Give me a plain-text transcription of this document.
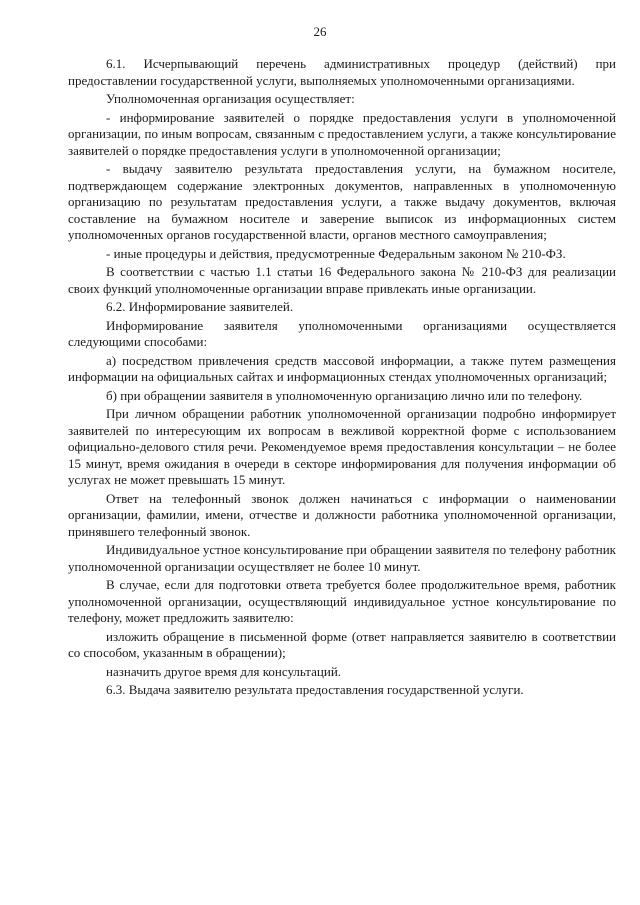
26

6.1. Исчерпывающий перечень административных процедур (действий) при предоставлении государственной услуги, выполняемых уполномоченными организациями.

Уполномоченная организация осуществляет:

- информирование заявителей о порядке предоставления услуги в уполномоченной организации, по иным вопросам, связанным с предоставлением услуги, а также консультирование заявителей о порядке предоставления услуги в уполномоченной организации;

- выдачу заявителю результата предоставления услуги, на бумажном носителе, подтверждающем содержание электронных документов, направленных в уполномоченную организацию по результатам предоставления услуги, а также выдачу документов, включая составление на бумажном носителе и заверение выписок из информационных систем уполномоченных органов государственной власти, органов местного самоуправления;

- иные процедуры и действия, предусмотренные Федеральным законом № 210-ФЗ.

В соответствии с частью 1.1 статьи 16 Федерального закона № 210-ФЗ для реализации своих функций уполномоченные организации вправе привлекать иные организации.

6.2. Информирование заявителей.

Информирование заявителя уполномоченными организациями осуществляется следующими способами:

а) посредством привлечения средств массовой информации, а также путем размещения информации на официальных сайтах и информационных стендах уполномоченных организаций;

б) при обращении заявителя в уполномоченную организацию лично или по телефону.

При личном обращении работник уполномоченной организации подробно информирует заявителей по интересующим их вопросам в вежливой корректной форме с использованием официально-делового стиля речи. Рекомендуемое время предоставления консультации – не более 15 минут, время ожидания в очереди в секторе информирования для получения информации об услугах не может превышать 15 минут.

Ответ на телефонный звонок должен начинаться с информации о наименовании организации, фамилии, имени, отчестве и должности работника уполномоченной организации, принявшего телефонный звонок.

Индивидуальное устное консультирование при обращении заявителя по телефону работник уполномоченной организации осуществляет не более 10 минут.

В случае, если для подготовки ответа требуется более продолжительное время, работник уполномоченной организации, осуществляющий индивидуальное устное консультирование по телефону, может предложить заявителю:

изложить обращение в письменной форме (ответ направляется заявителю в соответствии со способом, указанным в обращении);

назначить другое время для консультаций.

6.3. Выдача заявителю результата предоставления государственной услуги.
